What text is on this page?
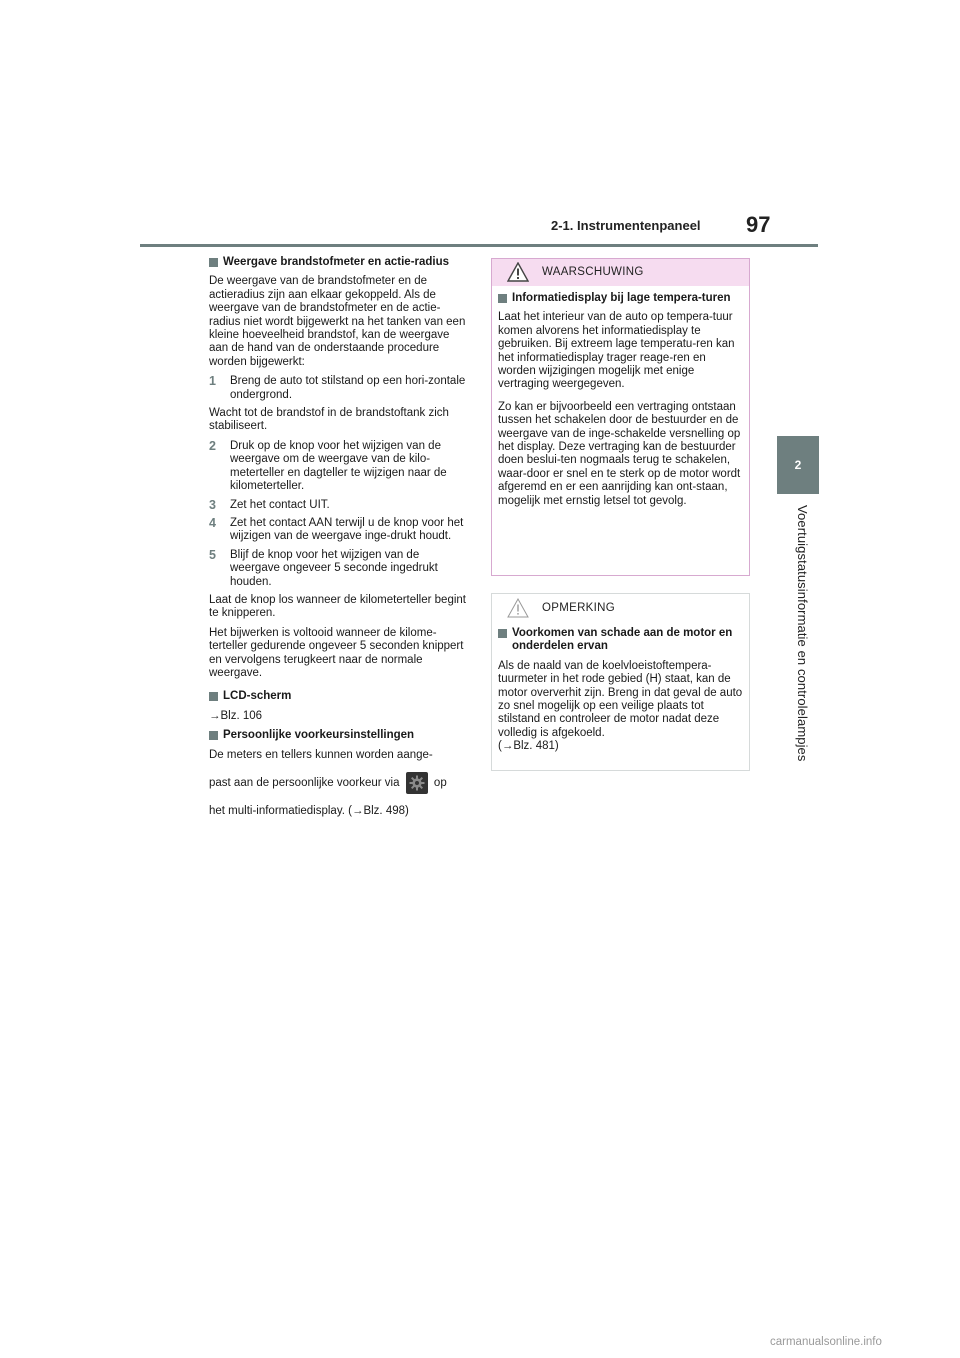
2-1. Instrumentenpaneel 97
2
Voertuigstatusinformatie en controlelampjes
Weergave brandstofmeter en actie-radius

De weergave van de brandstofmeter en de actieradius zijn aan elkaar gekoppeld. Als de weergave van de brandstofmeter en de actie-radius niet wordt bijgewerkt na het tanken van een kleine hoeveelheid brandstof, kan de weergave aan de hand van de onderstaande procedure worden bijgewerkt:

1	Breng de auto tot stilstand op een hori-zontale ondergrond.

Wacht tot de brandstof in de brandstoftank zich stabiliseert.

2	Druk op de knop voor het wijzigen van de weergave om de weergave van de kilo-meterteller en dagteller te wijzigen naar de kilometerteller.
3	Zet het contact UIT.
4	Zet het contact AAN terwijl u de knop voor het wijzigen van de weergave inge-drukt houdt.
5	Blijf de knop voor het wijzigen van de weergave ongeveer 5 seconde ingedrukt houden.

Laat de knop los wanneer de kilometerteller begint te knipperen.

Het bijwerken is voltooid wanneer de kilome-terteller gedurende ongeveer 5 seconden knippert en vervolgens terugkeert naar de normale weergave.

LCD-scherm

→Blz. 106

Persoonlijke voorkeursinstellingen

De meters en tellers kunnen worden aange-

past aan de persoonlijke voorkeur via	op

het multi-informatiedisplay. (→Blz. 498)

WAARSCHUWING
Informatiedisplay bij lage tempera-turen

Laat het interieur van de auto op tempera-tuur komen alvorens het informatiedisplay te gebruiken. Bij extreem lage temperatu-ren kan het informatiedisplay trager reage-ren en worden wijzigingen mogelijk met enige vertraging weergegeven.

Zo kan er bijvoorbeeld een vertraging ontstaan tussen het schakelen door de bestuurder en de weergave van de inge-schakelde versnelling op het display. Deze vertraging kan de bestuurder doen beslui-ten nogmaals terug te schakelen, waar-door er snel en te sterk op de motor wordt afgeremd en er een aanrijding kan ont-staan, mogelijk met ernstig letsel tot gevolg.

OPMERKING
Voorkomen van schade aan de motor en onderdelen ervan

Als de naald van de koelvloeistoftempera-tuurmeter in het rode gebied (H) staat, kan de motor oververhit zijn. Breng in dat geval de auto zo snel mogelijk op een veilige plaats tot stilstand en controleer de motor nadat deze volledig is afgekoeld.
(→Blz. 481)

carmanualsonline.info
